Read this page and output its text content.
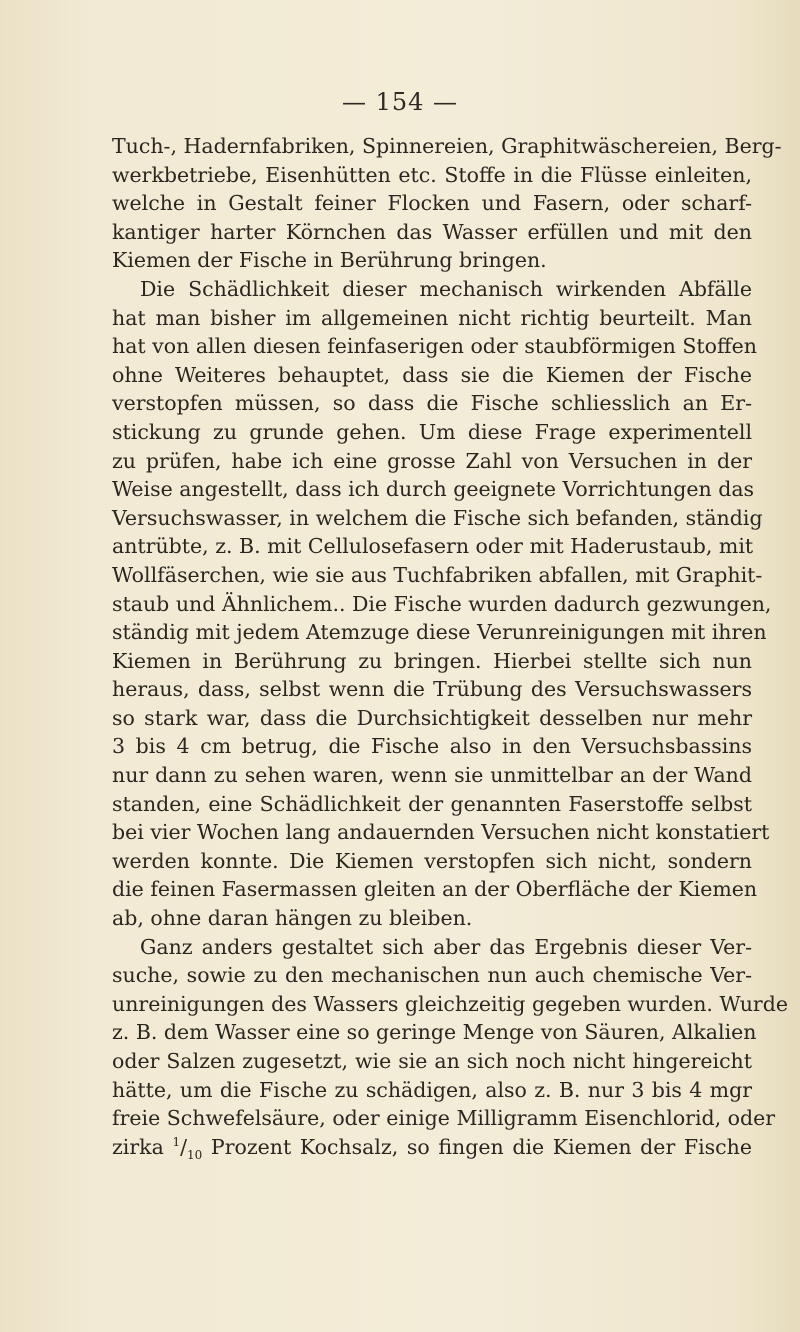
— 154 —
Tuch-, Hadernfabriken, Spinnereien, Graphitwäschereien, Berg-
werkbetriebe, Eisenhütten etc. Stoffe in die Flüsse einleiten,
welche in Gestalt feiner Flocken und Fasern, oder scharf-
kantiger harter Körnchen das Wasser erfüllen und mit den
Kiemen der Fische in Berührung bringen.
Die Schädlichkeit dieser mechanisch wirkenden Abfälle
hat man bisher im allgemeinen nicht richtig beurteilt. Man
hat von allen diesen feinfaserigen oder staubförmigen Stoffen
ohne Weiteres behauptet, dass sie die Kiemen der Fische
verstopfen müssen, so dass die Fische schliesslich an Er-
stickung zu grunde gehen. Um diese Frage experimentell
zu prüfen, habe ich eine grosse Zahl von Versuchen in der
Weise angestellt, dass ich durch geeignete Vorrichtungen das
Versuchswasser, in welchem die Fische sich befanden, ständig
antrübte, z. B. mit Cellulosefasern oder mit Haderustaub, mit
Wollfäserchen, wie sie aus Tuchfabriken abfallen, mit Graphit-
staub und Ähnlichem.. Die Fische wurden dadurch gezwungen,
ständig mit jedem Atemzuge diese Verunreinigungen mit ihren
Kiemen in Berührung zu bringen. Hierbei stellte sich nun
heraus, dass, selbst wenn die Trübung des Versuchswassers
so stark war, dass die Durchsichtigkeit desselben nur mehr
3 bis 4 cm betrug, die Fische also in den Versuchsbassins
nur dann zu sehen waren, wenn sie unmittelbar an der Wand
standen, eine Schädlichkeit der genannten Faserstoffe selbst
bei vier Wochen lang andauernden Versuchen nicht konstatiert
werden konnte. Die Kiemen verstopfen sich nicht, sondern
die feinen Fasermassen gleiten an der Oberfläche der Kiemen
ab, ohne daran hängen zu bleiben.
Ganz anders gestaltet sich aber das Ergebnis dieser Ver-
suche, sowie zu den mechanischen nun auch chemische Ver-
unreinigungen des Wassers gleichzeitig gegeben wurden. Wurde
z. B. dem Wasser eine so geringe Menge von Säuren, Alkalien
oder Salzen zugesetzt, wie sie an sich noch nicht hingereicht
hätte, um die Fische zu schädigen, also z. B. nur 3 bis 4 mgr
freie Schwefelsäure, oder einige Milligramm Eisenchlorid, oder
zirka $^1/_{10}$ Prozent Kochsalz, so fingen die Kiemen der Fische
